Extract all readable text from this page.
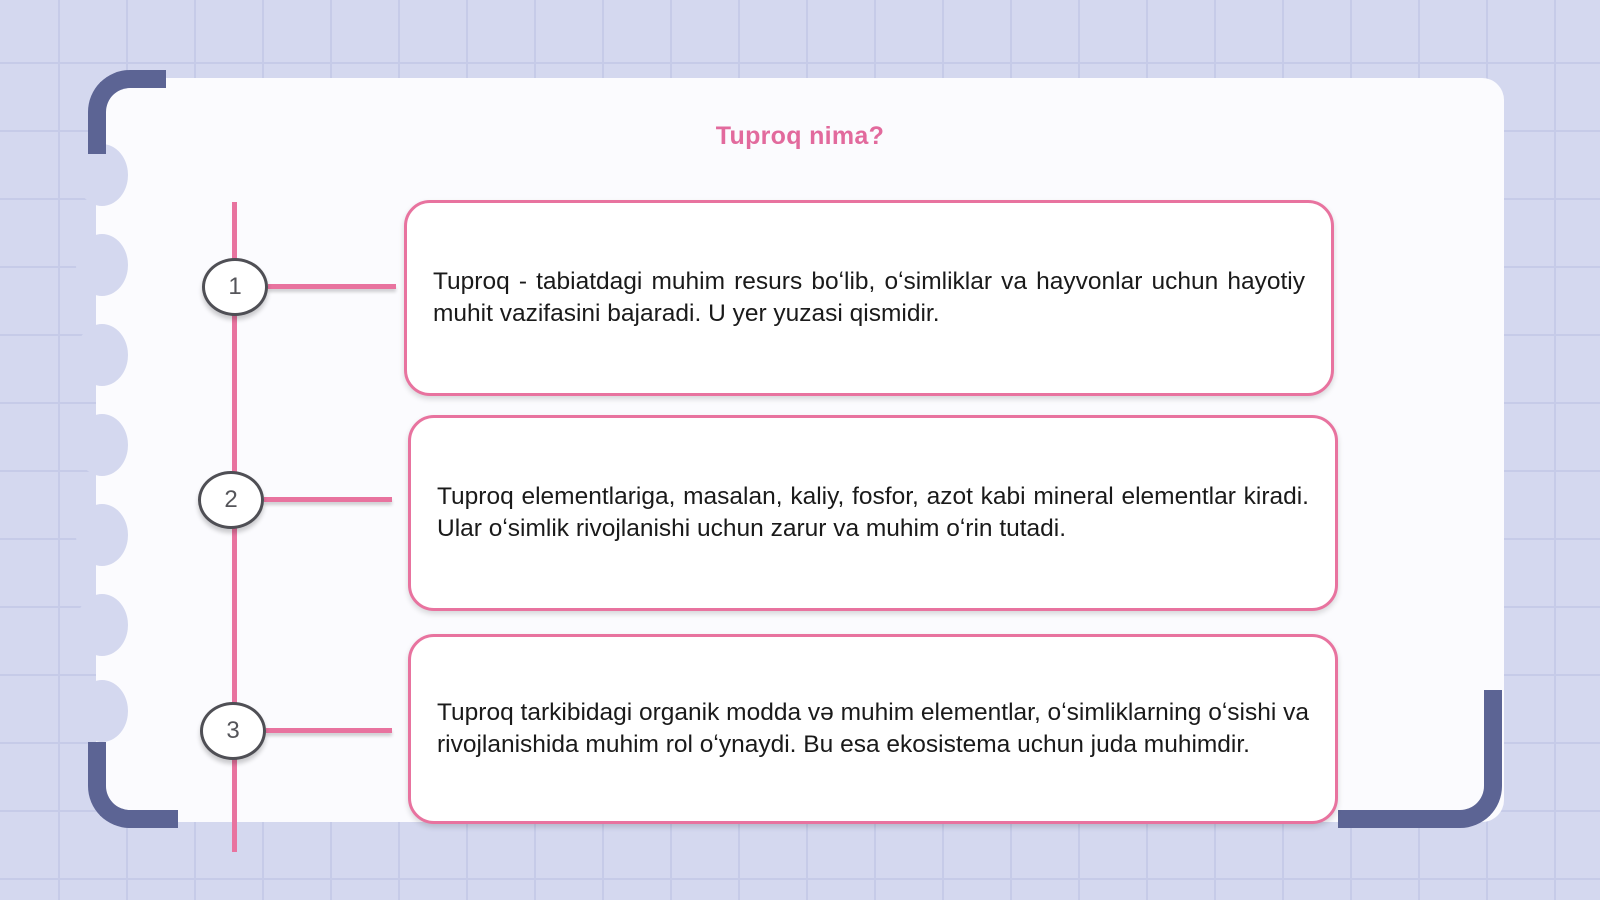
Tuproq nima?
1	Tuproq - tabiatdagi muhim resurs boʻlib, oʻsimliklar va hayvonlar uchun hayotiy muhit vazifasini bajaradi. U yer yuzasi qismidir.

2	Tuproq elementlariga, masalan, kaliy, fosfor, azot kabi mineral elementlar kiradi. Ular oʻsimlik rivojlanishi uchun zarur va muhim oʻrin tutadi.

3

Tuproq tarkibidagi organik modda və muhim elementlar, oʻsimliklarning oʻsishi va rivojlanishida muhim rol oʻynaydi. Bu esa ekosistema uchun juda muhimdir.
